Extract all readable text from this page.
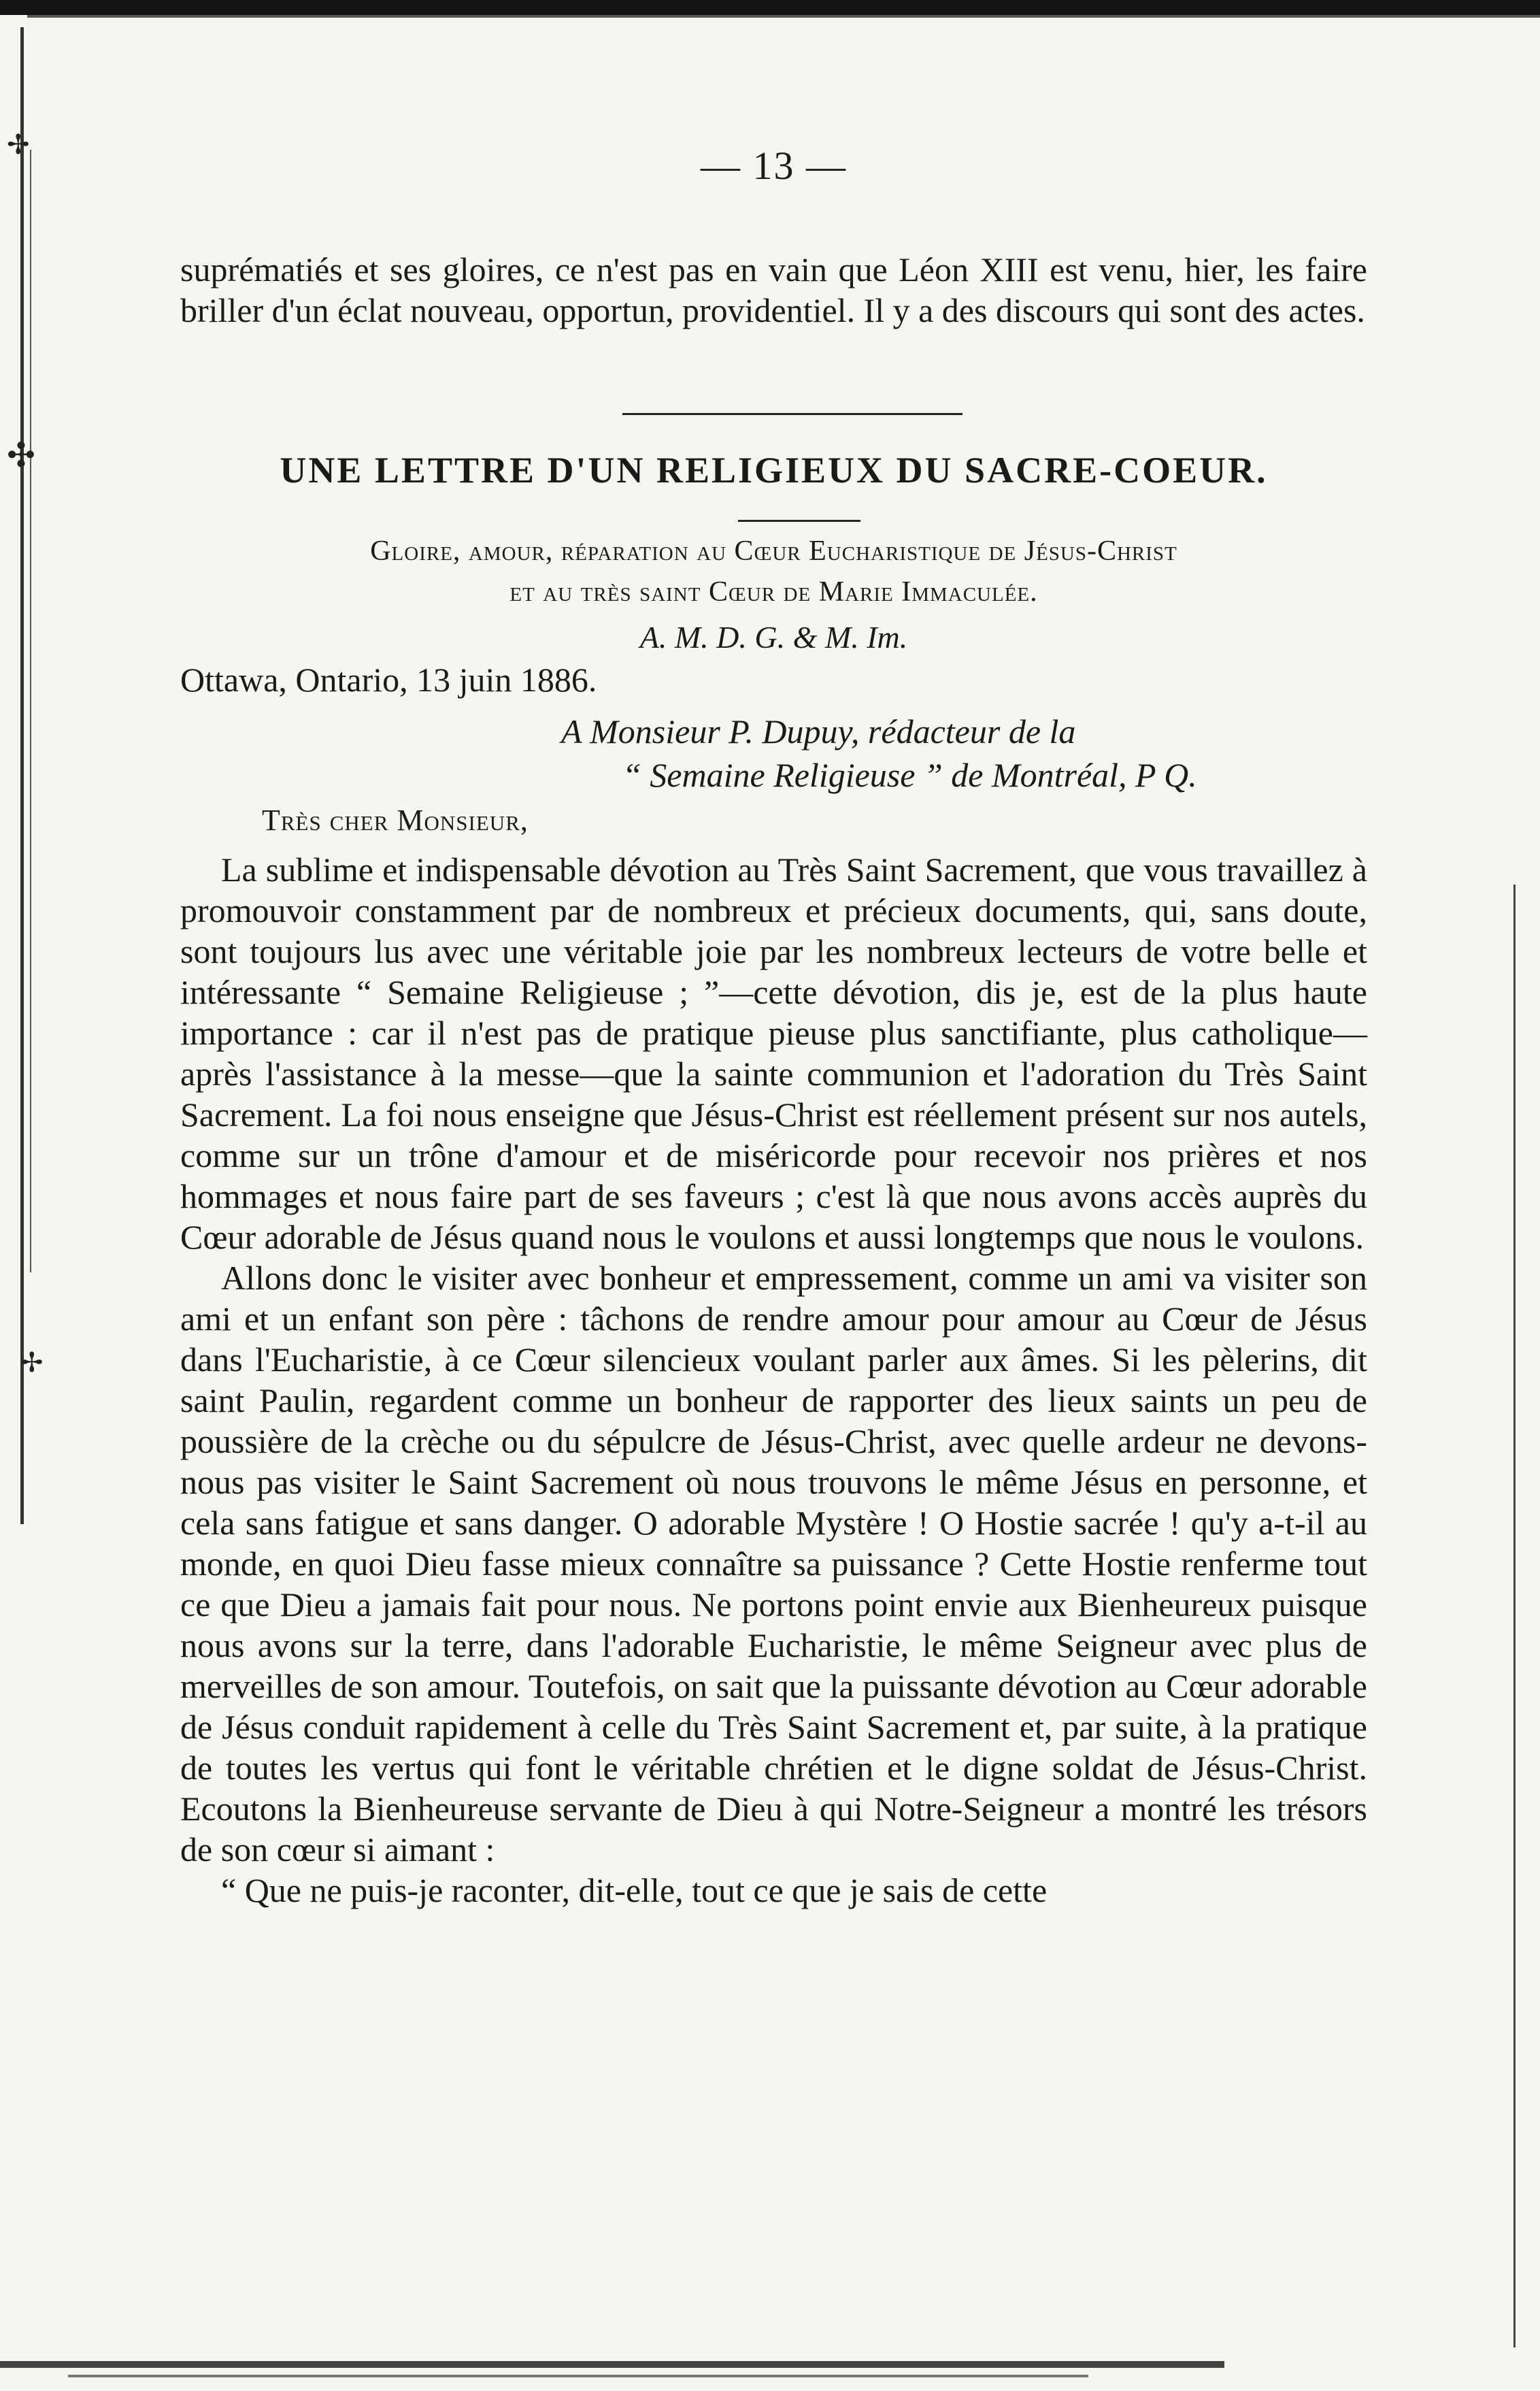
✢
✣
✢
— 13 —

suprématiés et ses gloires, ce n'est pas en vain que Léon XIII est venu, hier, les faire briller d'un éclat nouveau, opportun, providentiel. Il y a des discours qui sont des actes.

UNE LETTRE D'UN RELIGIEUX DU SACRE-COEUR.
Gloire, amour, réparation au Cœur Eucharistique de Jésus-Christ
et au très saint Cœur de Marie Immaculée.
A. M. D. G. & M. Im.
Ottawa, Ontario, 13 juin 1886.
A Monsieur P. Dupuy, rédacteur de la
“ Semaine Religieuse ” de Montréal, P Q.
Très cher Monsieur,

La sublime et indispensable dévotion au Très Saint Sacrement, que vous travaillez à promouvoir constamment par de nombreux et précieux documents, qui, sans doute, sont toujours lus avec une véritable joie par les nombreux lecteurs de votre belle et intéressante “ Semaine Religieuse ; ”—cette dévotion, dis je, est de la plus haute importance : car il n'est pas de pratique pieuse plus sanctifiante, plus catholique—après l'assistance à la messe—que la sainte communion et l'adoration du Très Saint Sacrement. La foi nous enseigne que Jésus-Christ est réellement présent sur nos autels, comme sur un trône d'amour et de miséricorde pour recevoir nos prières et nos hommages et nous faire part de ses faveurs ; c'est là que nous avons accès auprès du Cœur adorable de Jésus quand nous le voulons et aussi longtemps que nous le voulons.

Allons donc le visiter avec bonheur et empressement, comme un ami va visiter son ami et un enfant son père : tâchons de rendre amour pour amour au Cœur de Jésus dans l'Eucharistie, à ce Cœur silencieux voulant parler aux âmes. Si les pèlerins, dit saint Paulin, regardent comme un bonheur de rapporter des lieux saints un peu de poussière de la crèche ou du sépulcre de Jésus-Christ, avec quelle ardeur ne devons-nous pas visiter le Saint Sacrement où nous trouvons le même Jésus en personne, et cela sans fatigue et sans danger. O adorable Mystère ! O Hostie sacrée ! qu'y a-t-il au monde, en quoi Dieu fasse mieux connaître sa puissance ? Cette Hostie renferme tout ce que Dieu a jamais fait pour nous. Ne portons point envie aux Bienheureux puisque nous avons sur la terre, dans l'adorable Eucharistie, le même Seigneur avec plus de merveilles de son amour. Toutefois, on sait que la puissante dévotion au Cœur adorable de Jésus conduit rapidement à celle du Très Saint Sacrement et, par suite, à la pratique de toutes les vertus qui font le véritable chrétien et le digne soldat de Jésus-Christ. Ecoutons la Bienheureuse servante de Dieu à qui Notre-Seigneur a montré les trésors de son cœur si aimant :

“ Que ne puis-je raconter, dit-elle, tout ce que je sais de cette
